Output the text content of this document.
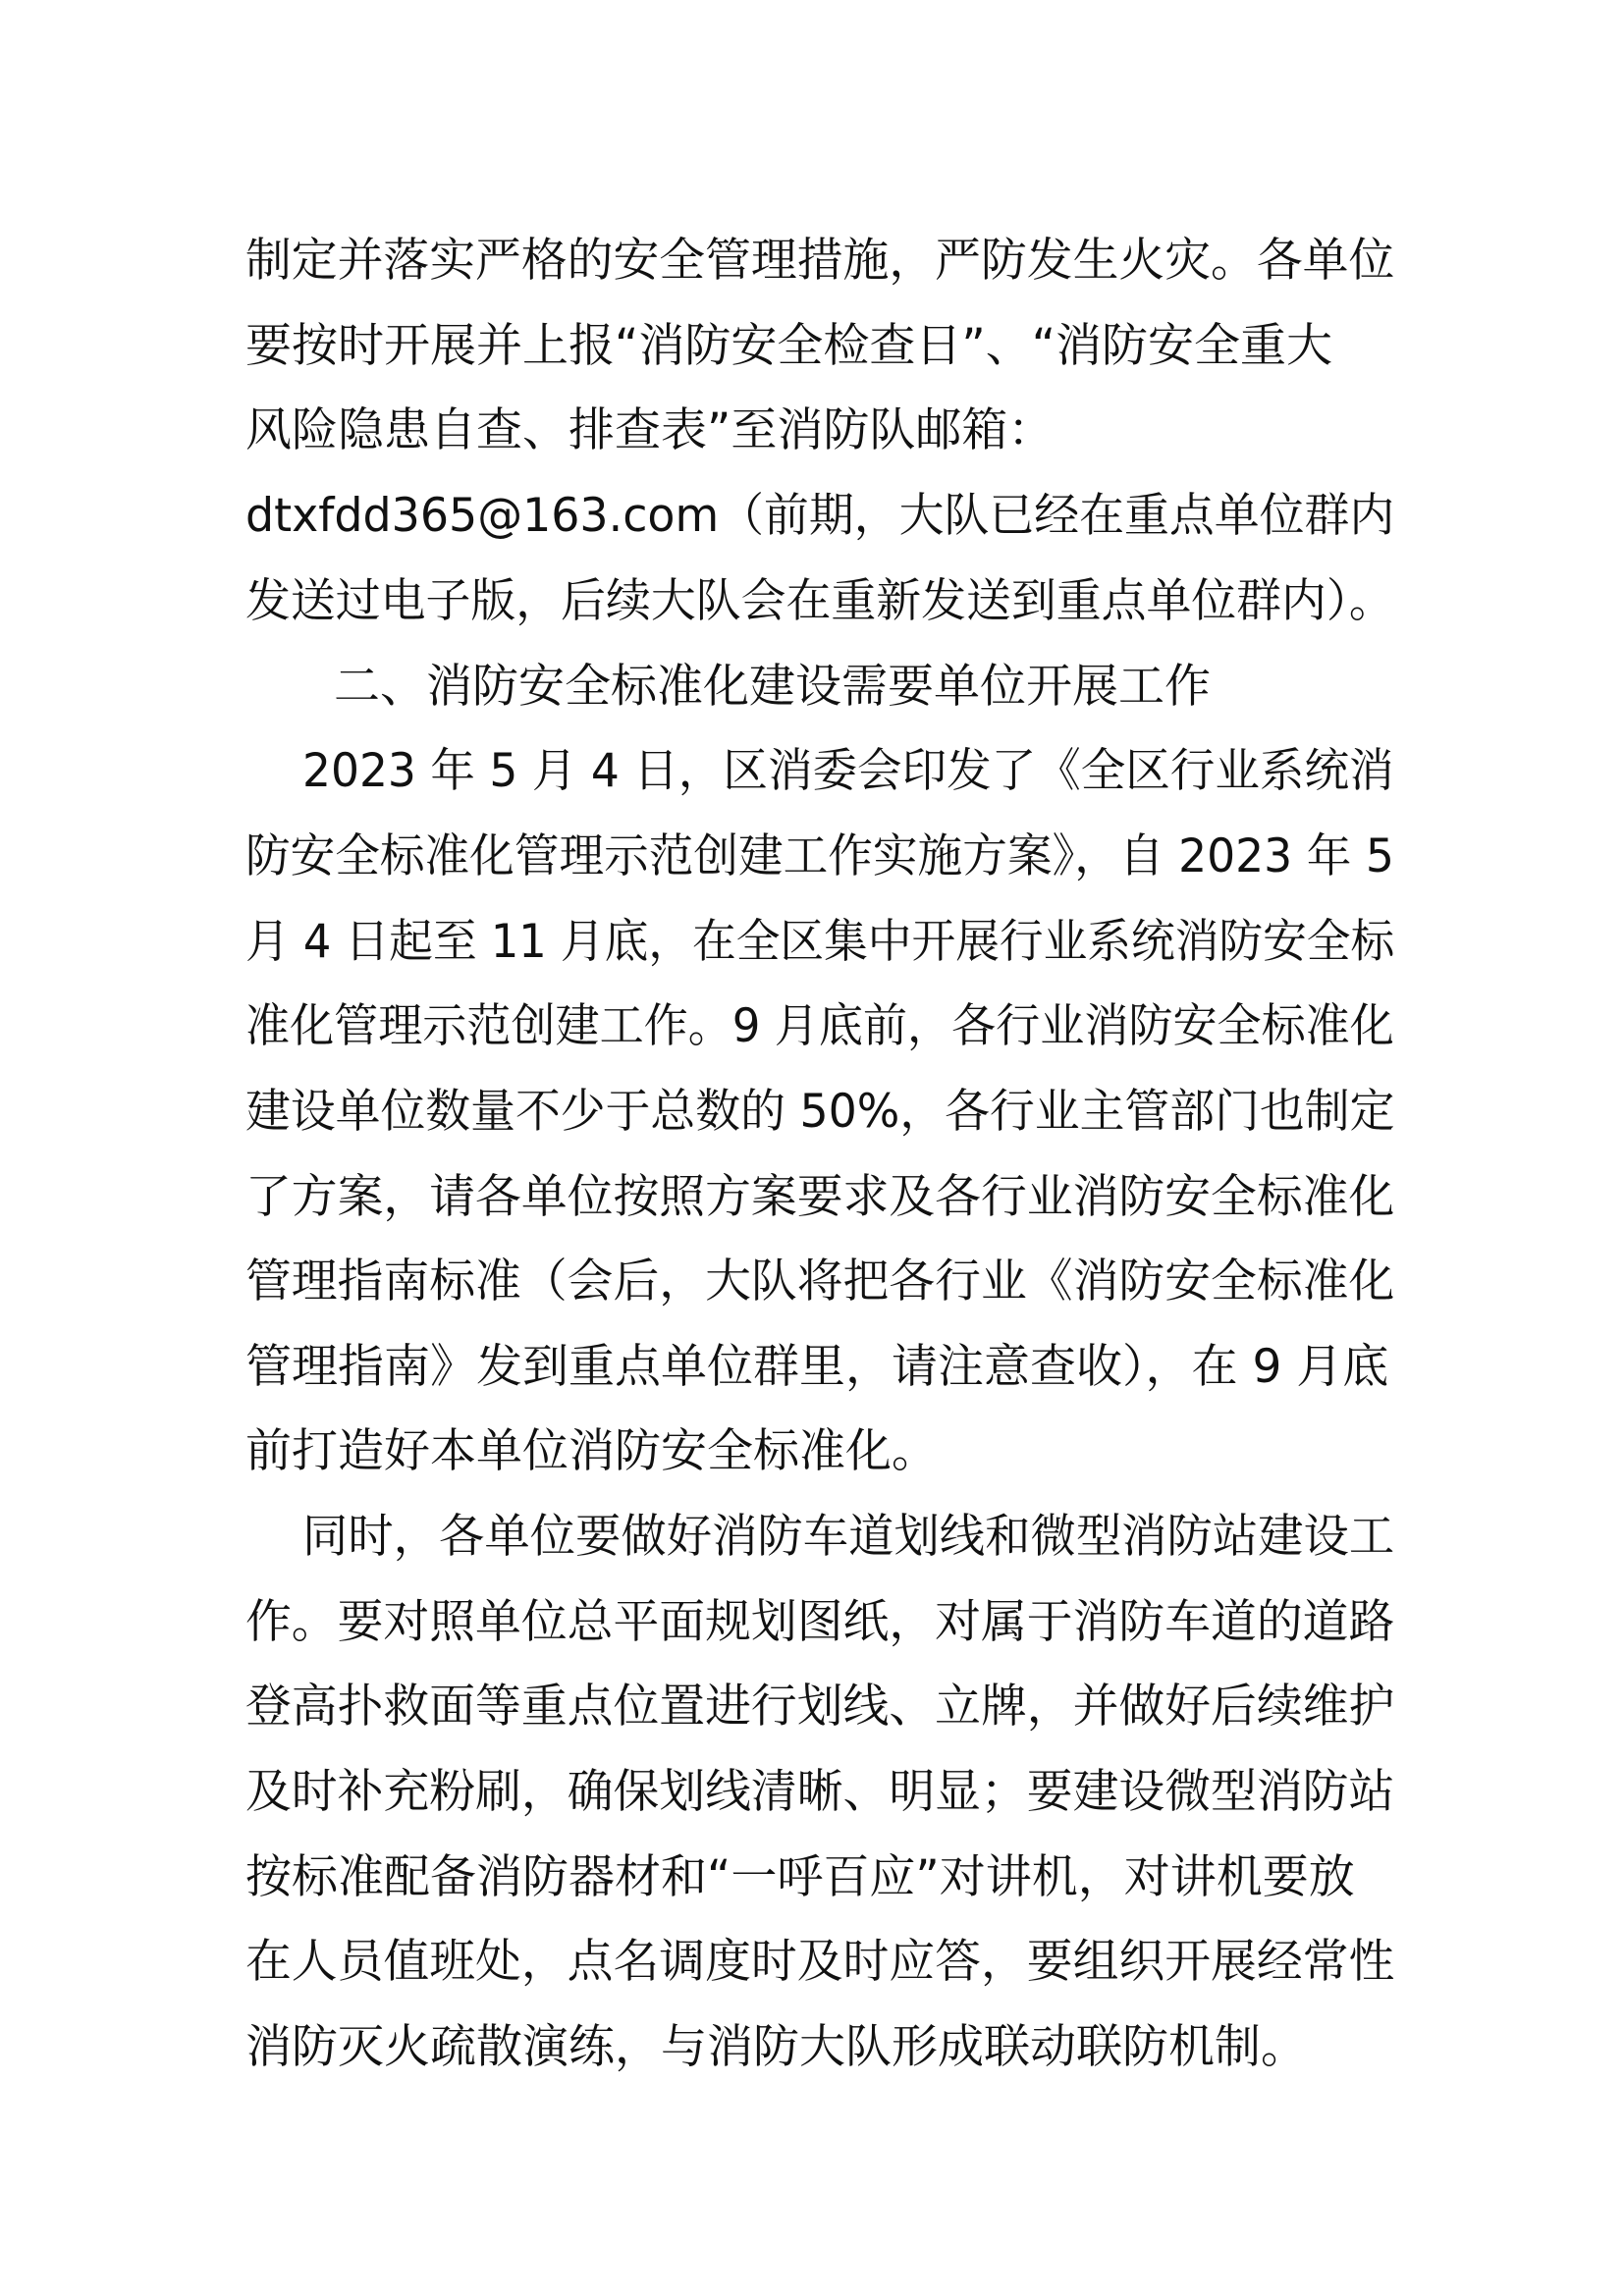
制定并落实严格的安全管理措施，严防发生火灾。各单位
要按时开展并上报“消防安全检查日”、“消防安全重大
风险隐患自查、排查表”至消防队邮箱：
dtxfdd365@163.com（前期，大队已经在重点单位群内
发送过电子版，后续大队会在重新发送到重点单位群内）。
二、消防安全标准化建设需要单位开展工作
2023 年 5 月 4 日，区消委会印发了《全区行业系统消
防安全标准化管理示范创建工作实施方案》，自 2023 年 5
月 4 日起至 11 月底，在全区集中开展行业系统消防安全标
准化管理示范创建工作。9 月底前，各行业消防安全标准化
建设单位数量不少于总数的 50%，各行业主管部门也制定
了方案，请各单位按照方案要求及各行业消防安全标准化
管理指南标准（会后，大队将把各行业《消防安全标准化
管理指南》发到重点单位群里，请注意查收），在 9 月底
前打造好本单位消防安全标准化。
同时，各单位要做好消防车道划线和微型消防站建设工
作。要对照单位总平面规划图纸，对属于消防车道的道路
登高扑救面等重点位置进行划线、立牌，并做好后续维护
及时补充粉刷，确保划线清晰、明显；要建设微型消防站
按标准配备消防器材和“一呼百应”对讲机，对讲机要放
在人员值班处，点名调度时及时应答，要组织开展经常性
消防灭火疏散演练，与消防大队形成联动联防机制。
